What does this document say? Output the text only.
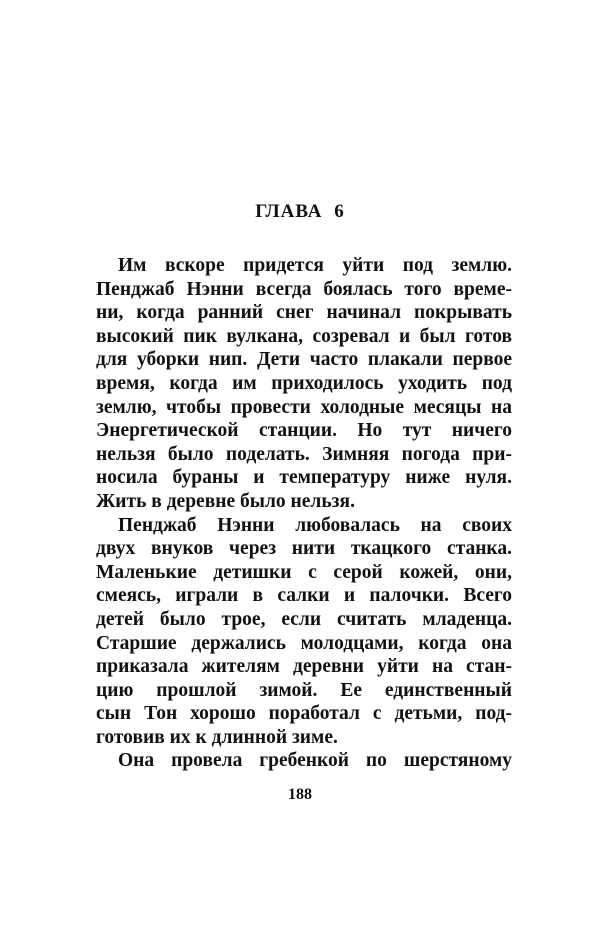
ГЛАВА 6
Им вскоре придется уйти под землю.
Пенджаб Нэнни всегда боялась того време-
ни, когда ранний снег начинал покрывать
высокий пик вулкана, созревал и был готов
для уборки нип. Дети часто плакали первое
время, когда им приходилось уходить под
землю, чтобы провести холодные месяцы на
Энергетической станции. Но тут ничего
нельзя было поделать. Зимняя погода при-
носила бураны и температуру ниже нуля.
Жить в деревне было нельзя.
Пенджаб Нэнни любовалась на своих
двух внуков через нити ткацкого станка.
Маленькие детишки с серой кожей, они,
смеясь, играли в салки и палочки. Всего
детей было трое, если считать младенца.
Старшие держались молодцами, когда она
приказала жителям деревни уйти на стан-
цию прошлой зимой. Ее единственный
сын Тон хорошо поработал с детьми, под-
готовив их к длинной зиме.
Она провела гребенкой по шерстяному
188
